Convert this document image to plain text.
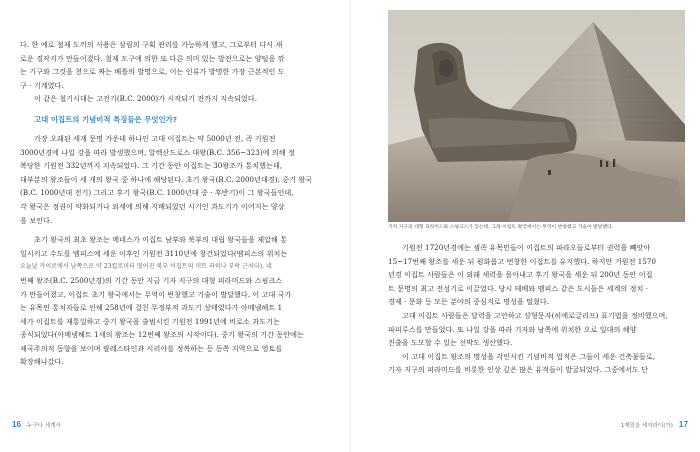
다. 한 예로 철제 도끼의 사용은 삼림의 구획 관리를 가능하게 했고, 그로부터 다시 새
로운 경작지가 만들어졌다. 철제 도구에 의한 또 다른 의미 있는 발전으로는 양털을 깎
는 기구와 그것을 천으로 짜는 베틀의 발명으로, 이는 인류가 발명한 가장 근본적인 도
구 · 기계였다.
이 같은 철기시대는 고전기(B.C. 2000)가 시작되기 전까지 지속되었다.

고대 이집트의 기념비적 특징들은 무엇인가?

가장 오래된 세계 문명 가운데 하나인 고대 이집트는 약 5000년 전, 즉 기원전
3000년경에 나일 강을 따라 발생했으며, 알렉산드로스 대왕(B.C. 356~323)에 의해 정
복당한 기원전 332년까지 지속되었다. 그 기간 동안 이집트는 30왕조가 통치했는데,
대부분의 왕조들이 세 개의 왕국 중 하나에 해당된다. 초기 왕국(B.C. 2000년대경), 중기 왕국
(B.C. 1000년대 전기) 그리고 후기 왕국(B.C. 1000년대 중 · 후반기)이 그 왕국들인데,
각 왕국은 정권이 약화되거나 외세에 의해 지배되었던 시기인 과도기가 이어지는 양상
을 보인다.

초기 왕국의 최초 왕조는 메네스가 이집트 남부와 북부의 대립 왕국들을 제압해 통
일시키고 수도를 멤피스에 세운 이후인 기원전 3110년에 창건되었다(멤피스의 위치는
오늘날 카이로에서 남쪽으로 약 23킬로미터 떨어진 북부 이집트의 미트 라히나 부락 근처다). 네
번째 왕조(B.C. 2500년경)의 기간 동안 지금 기자 지구의 대형 피라미드와 스핑크스
가 만들어졌고, 이집트 초기 왕국에서는 무역이 번창했고 기술이 발달했다. 이 고대 국가
는 유목민 통치자들로 인해 258년에 걸친 무정부적 과도기 상태였다가 아메넴헤트 1
세가 이집트를 재통일하고 중기 왕국을 출범시킨 기원전 1991년에 비로소 과도기는
종식되었다(아메넴헤트 1세의 왕조는 12번째 왕조의 시작이다). 중기 왕국의 기간 동안에는
제국주의적 동향을 보이며 팔레스타인과 시리아를 정복하는 등 동쪽 지역으로 영토를
확장해나갔다.

16 누구나 세계사
기자 지구의 대형 피라미드와 스핑크스가 있는데, 그래 이집트 왕국에서는 무역이 번창했고 기술이 발달했다.

기원전 1720년경에는 셈족 유목민들이 이집트의 파라오들로부터 권력을 빼앗아
15~17번째 왕조를 세운 뒤 평화롭고 번창한 이집트를 유지했다. 하지만 기원전 1570
년경 이집트 사람들은 이 외래 세력을 몰아내고 후기 왕국을 세운 뒤 200년 동안 이집
트 문명의 최고 전성기로 이끌었다. 당시 테베와 멤피스 같은 도시들은 세계의 정치 ·
경제 · 문화 등 모든 분야의 중심지로 명성을 떨쳤다.

고대 이집트 사람들은 달력을 고안하고 상형문자(히에로글리프) 표기법을 정비했으며,
파피루스를 만들었다. 또 나일 강을 따라 기자와 남쪽에 위치한 오로 일대의 해양
진출을 도모할 수 있는 선박도 생산했다.

이 고대 이집트 왕조의 명성을 각인시킨 기념비적 업적은 그들이 세운 건축물들로,
기자 지구의 피라미드를 비롯한 인상 깊은 많은 유적들이 발굴되었다. 그중에서도 단

1재밌을 세이라이(가) 17
